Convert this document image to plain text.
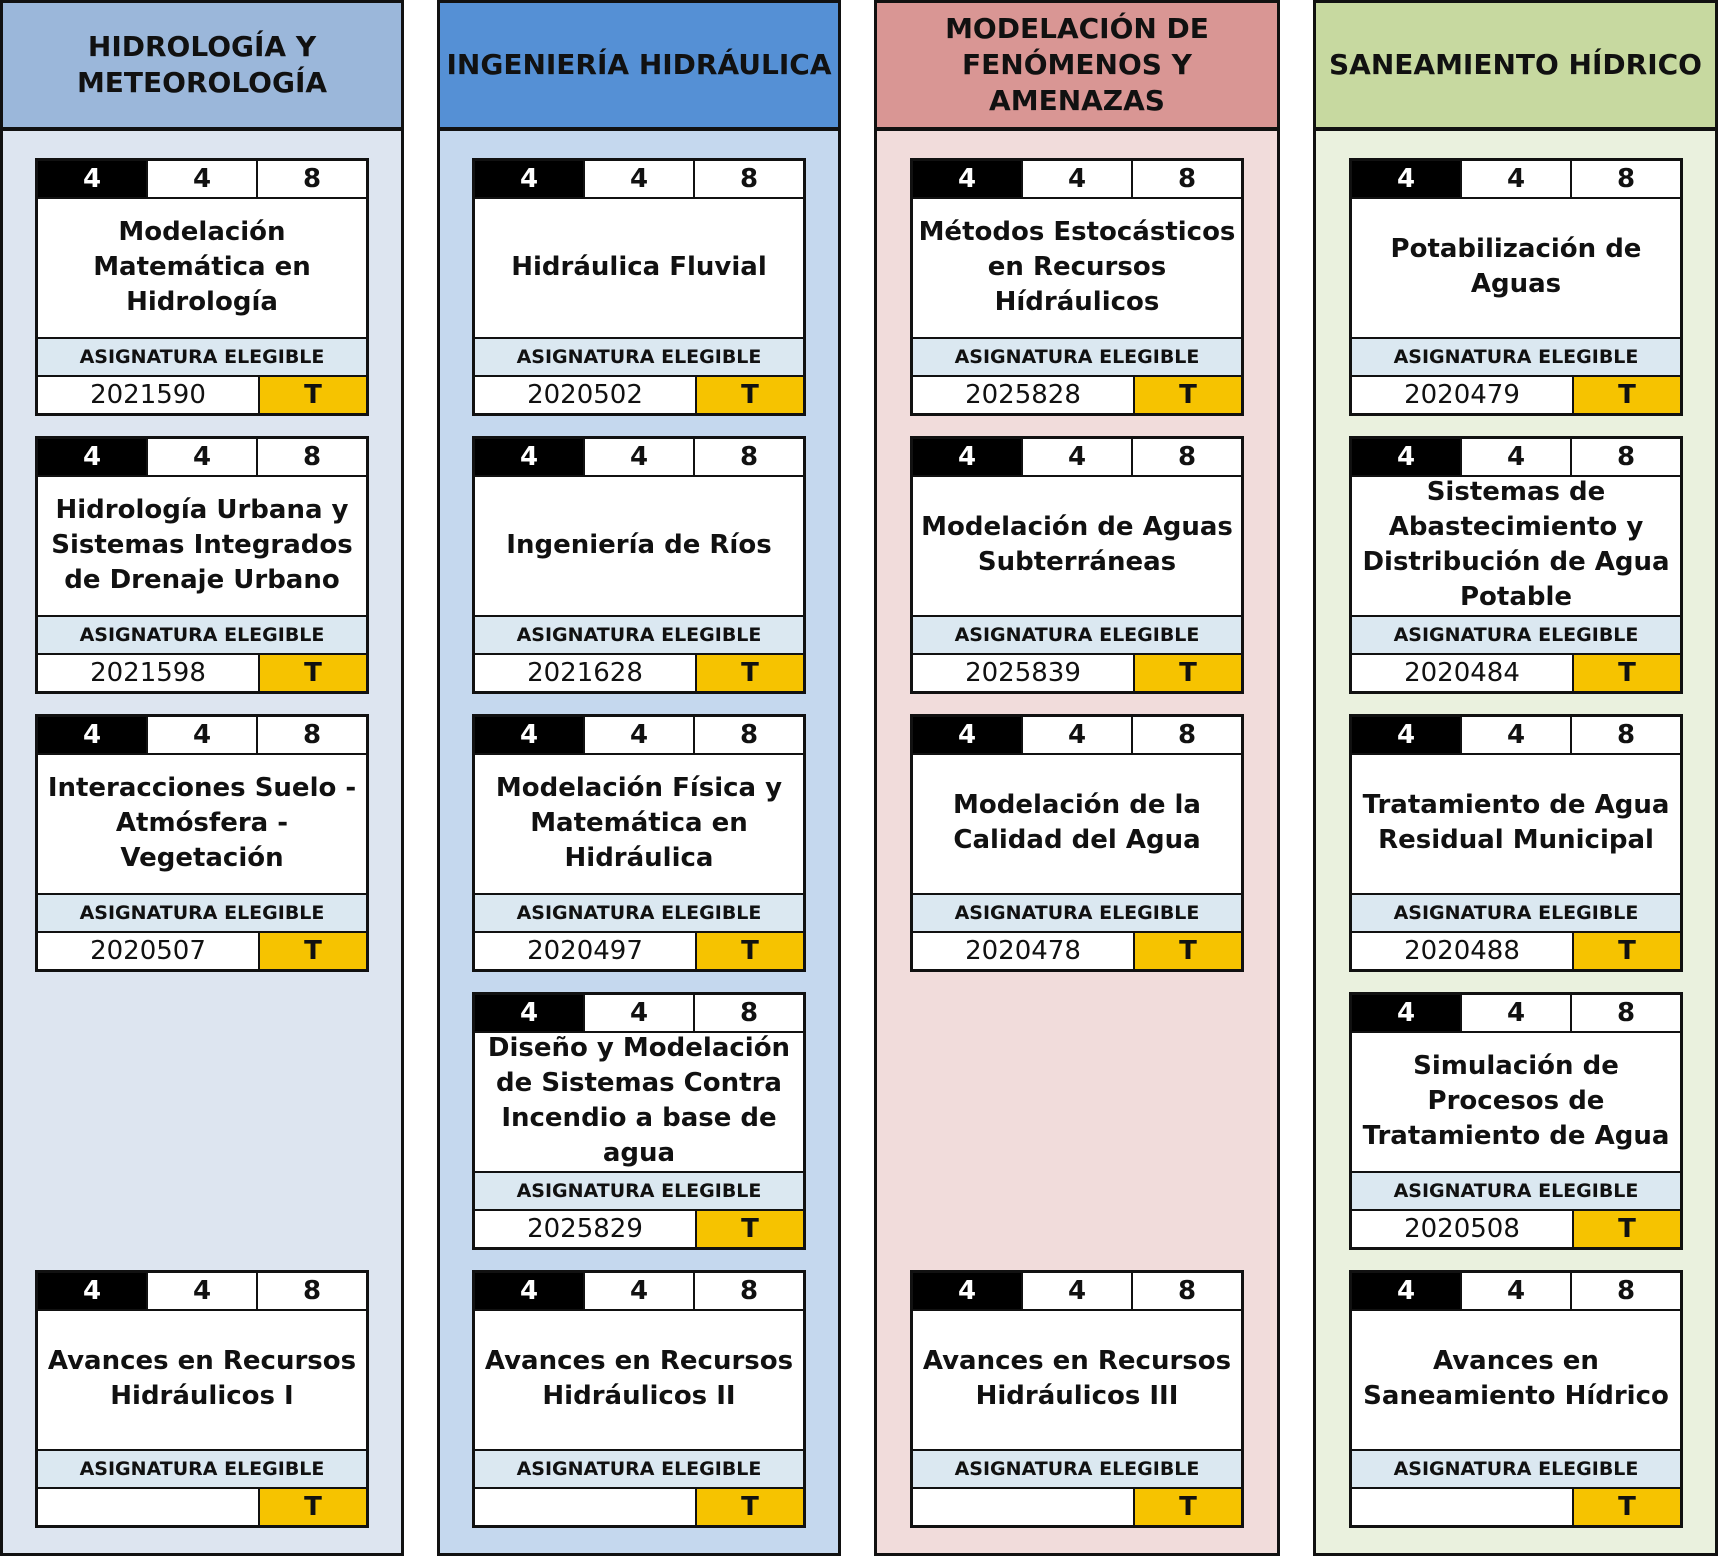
HIDROLOGÍA Y METEOROLOGÍA
4	4	8
Modelación Matemática en Hidrología
ASIGNATURA ELEGIBLE
2021590	T
4	4	8
Hidrología Urbana y Sistemas Integrados de Drenaje Urbano
ASIGNATURA ELEGIBLE
2021598	T
4	4	8
Interacciones Suelo - Atmósfera - Vegetación
ASIGNATURA ELEGIBLE
2020507	T
4	4	8
Avances en Recursos Hidráulicos I
ASIGNATURA ELEGIBLE
T
INGENIERÍA HIDRÁULICA
4	4	8
Hidráulica Fluvial
ASIGNATURA ELEGIBLE
2020502	T
4	4	8
Ingeniería de Ríos
ASIGNATURA ELEGIBLE
2021628	T
4	4	8
Modelación Física y Matemática en Hidráulica
ASIGNATURA ELEGIBLE
2020497	T
4	4	8
Diseño y Modelación de Sistemas Contra Incendio a base de agua
ASIGNATURA ELEGIBLE
2025829	T
4	4	8
Avances en Recursos Hidráulicos II
ASIGNATURA ELEGIBLE
T
MODELACIÓN DE FENÓMENOS Y AMENAZAS
4	4	8
Métodos Estocásticos en Recursos Hídráulicos
ASIGNATURA ELEGIBLE
2025828	T
4	4	8
Modelación de Aguas Subterráneas
ASIGNATURA ELEGIBLE
2025839	T
4	4	8
Modelación de la Calidad del Agua
ASIGNATURA ELEGIBLE
2020478	T
4	4	8
Avances en Recursos Hidráulicos III
ASIGNATURA ELEGIBLE
T
SANEAMIENTO HÍDRICO
4	4	8
Potabilización de Aguas
ASIGNATURA ELEGIBLE
2020479	T
4	4	8
Sistemas de Abastecimiento y Distribución de Agua Potable
ASIGNATURA ELEGIBLE
2020484	T
4	4	8
Tratamiento de Agua Residual Municipal
ASIGNATURA ELEGIBLE
2020488	T
4	4	8
Simulación de Procesos de Tratamiento de Agua
ASIGNATURA ELEGIBLE
2020508	T
4	4	8
Avances en Saneamiento Hídrico
ASIGNATURA ELEGIBLE
T
